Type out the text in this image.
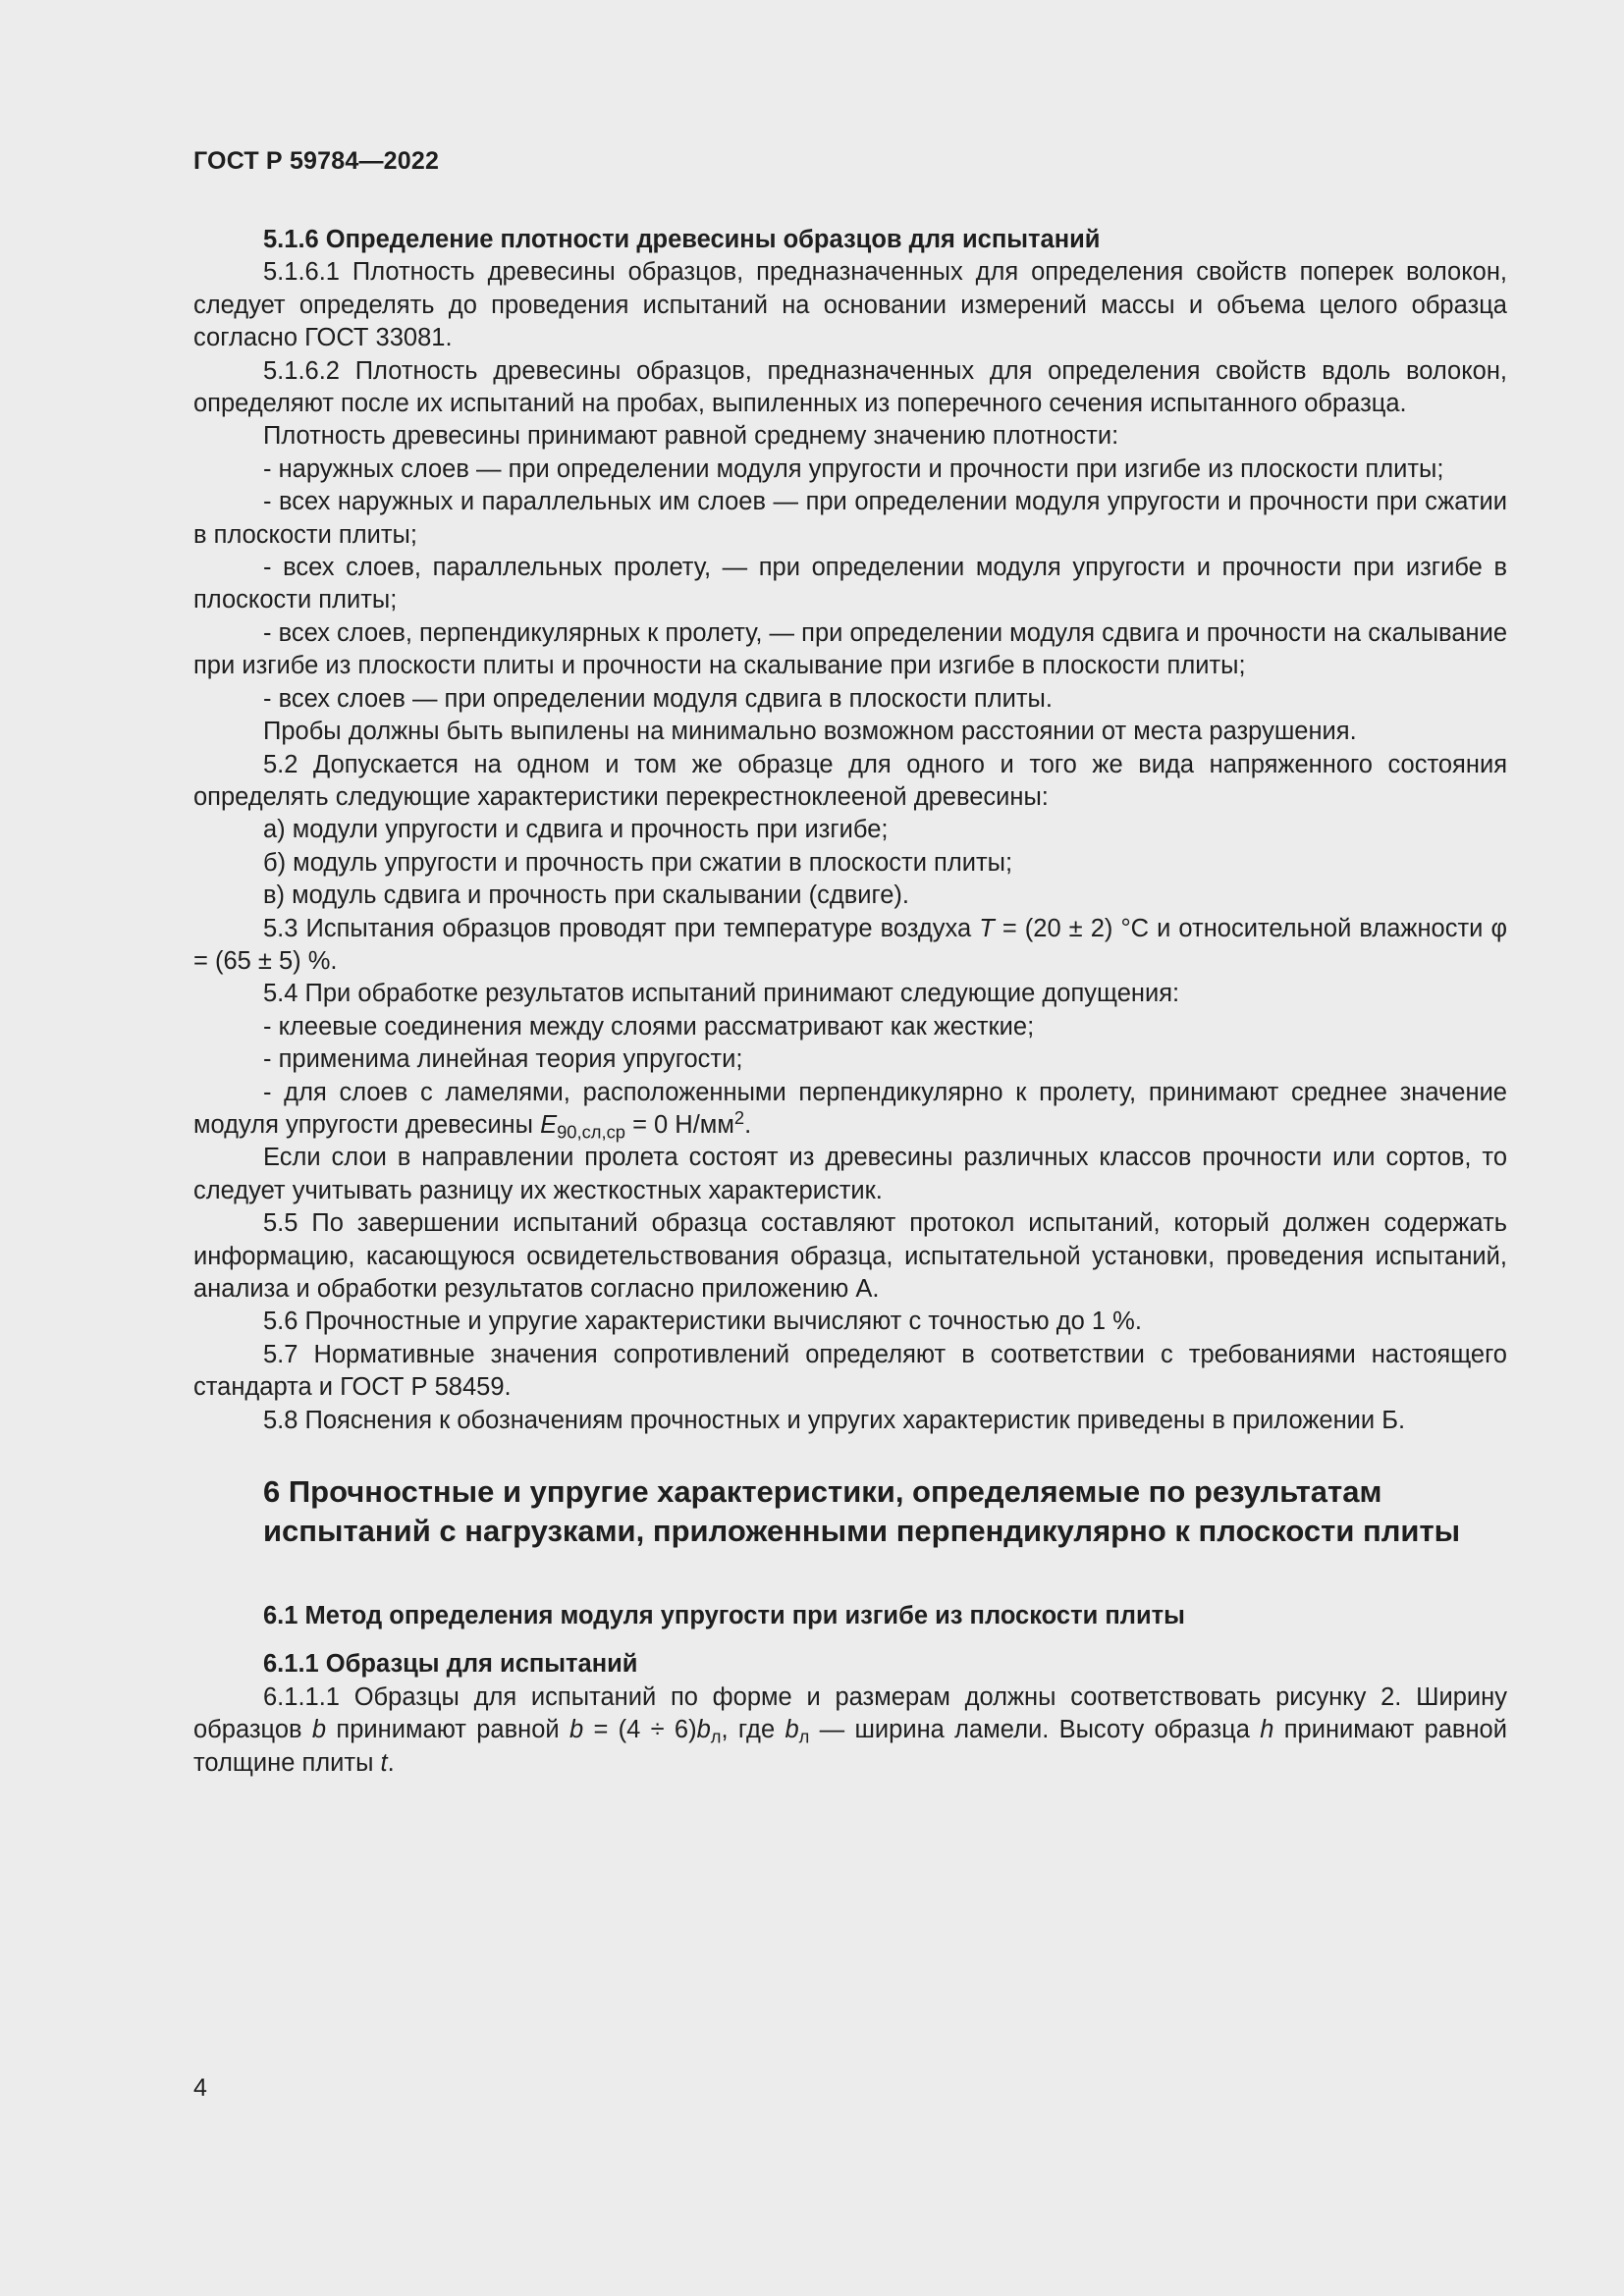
ГОСТ Р 59784—2022

5.1.6 Определение плотности древесины образцов для испытаний

5.1.6.1 Плотность древесины образцов, предназначенных для определения свойств поперек волокон, следует определять до проведения испытаний на основании измерений массы и объема целого образца согласно ГОСТ 33081.

5.1.6.2 Плотность древесины образцов, предназначенных для определения свойств вдоль волокон, определяют после их испытаний на пробах, выпиленных из поперечного сечения испытанного образца.

Плотность древесины принимают равной среднему значению плотности:

- наружных слоев — при определении модуля упругости и прочности при изгибе из плоскости плиты;

- всех наружных и параллельных им слоев — при определении модуля упругости и прочности при сжатии в плоскости плиты;

- всех слоев, параллельных пролету, — при определении модуля упругости и прочности при изгибе в плоскости плиты;

- всех слоев, перпендикулярных к пролету, — при определении модуля сдвига и прочности на скалывание при изгибе из плоскости плиты и прочности на скалывание при изгибе в плоскости плиты;

- всех слоев — при определении модуля сдвига в плоскости плиты.

Пробы должны быть выпилены на минимально возможном расстоянии от места разрушения.

5.2 Допускается на одном и том же образце для одного и того же вида напряженного состояния определять следующие характеристики перекрестноклееной древесины:

а) модули упругости и сдвига и прочность при изгибе;

б) модуль упругости и прочность при сжатии в плоскости плиты;

в) модуль сдвига и прочность при скалывании (сдвиге).

5.3 Испытания образцов проводят при температуре воздуха T = (20 ± 2) °С и относительной влажности φ = (65 ± 5) %.

5.4 При обработке результатов испытаний принимают следующие допущения:

- клеевые соединения между слоями рассматривают как жесткие;

- применима линейная теория упругости;

- для слоев с ламелями, расположенными перпендикулярно к пролету, принимают среднее значение модуля упругости древесины $E_{90,сл,ср} = 0$ $Н/мм^2$.

Если слои в направлении пролета состоят из древесины различных классов прочности или сортов, то следует учитывать разницу их жесткостных характеристик.

5.5 По завершении испытаний образца составляют протокол испытаний, который должен содержать информацию, касающуюся освидетельствования образца, испытательной установки, проведения испытаний, анализа и обработки результатов согласно приложению А.

5.6 Прочностные и упругие характеристики вычисляют с точностью до 1 %.

5.7 Нормативные значения сопротивлений определяют в соответствии с требованиями настоящего стандарта и ГОСТ Р 58459.

5.8 Пояснения к обозначениям прочностных и упругих характеристик приведены в приложении Б.

6 Прочностные и упругие характеристики, определяемые по результатам испытаний с нагрузками, приложенными перпендикулярно к плоскости плиты
6.1 Метод определения модуля упругости при изгибе из плоскости плиты
6.1.1 Образцы для испытаний

6.1.1.1 Образцы для испытаний по форме и размерам должны соответствовать рисунку 2. Ширину образцов b принимают равной $b = (4 \div 6)b_л$, где $b_л$ — ширина ламели. Высоту образца h принимают равной толщине плиты t.

4
